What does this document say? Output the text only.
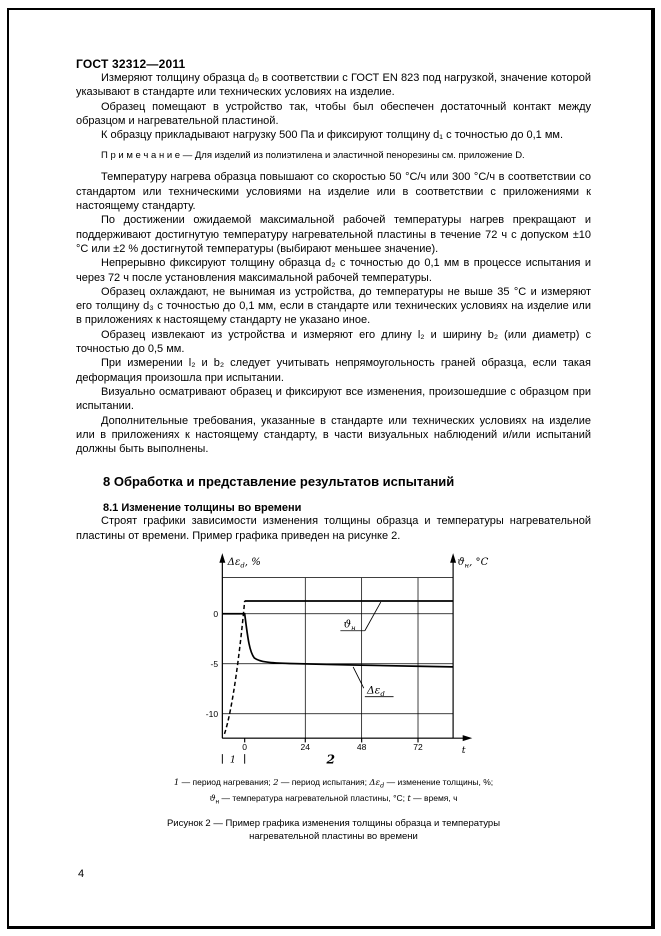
ГОСТ 32312—2011

Измеряют толщину образца d₀ в соответствии с ГОСТ EN 823 под нагрузкой, значение которой указывают в стандарте или технических условиях на изделие.

Образец помещают в устройство так, чтобы был обеспечен достаточный контакт между образцом и нагревательной пластиной.

К образцу прикладывают нагрузку 500 Па и фиксируют толщину d₁ с точностью до 0,1 мм.

П р и м е ч а н и е — Для изделий из полиэтилена и эластичной пенорезины см. приложение D.

Температуру нагрева образца повышают со скоростью 50 °С/ч или 300 °С/ч в соответствии со стандартом или техническими условиями на изделие или в соответствии с приложениями к настоящему стандарту.

По достижении ожидаемой максимальной рабочей температуры нагрев прекращают и поддерживают достигнутую температуру нагревательной пластины в течение 72 ч с допуском ±10 °С или ±2 % достигнутой температуры (выбирают меньшее значение).

Непрерывно фиксируют толщину образца d₂ с точностью до 0,1 мм в процессе испытания и через 72 ч после установления максимальной рабочей температуры.

Образец охлаждают, не вынимая из устройства, до температуры не выше 35 °С и измеряют его толщину d₃ с точностью до 0,1 мм, если в стандарте или технических условиях на изделие или в приложениях к настоящему стандарту не указано иное.

Образец извлекают из устройства и измеряют его длину l₂ и ширину b₂ (или диаметр) с точностью до 0,5 мм.

При измерении l₂ и b₂ следует учитывать непрямоугольность граней образца, если такая деформация произошла при испытании.

Визуально осматривают образец и фиксируют все изменения, произошедшие с образцом при испытании.

Дополнительные требования, указанные в стандарте или технических условиях на изделие или в приложениях к настоящему стандарту, в части визуальных наблюдений и/или испытаний должны быть выполнены.

8 Обработка и представление результатов испытаний
8.1 Изменение толщины во времени

Строят графики зависимости изменения толщины образца и температуры нагревательной пластины от времени. Пример графика приведен на рисунке 2.

$ϑ_н$
$\Delta\varepsilon_d$
$\Delta\varepsilon_d$, %	$ϑ_н$, °С
0
-5
-10
0	24	48	72	t
1	2
1 — период нагревания; 2 — период испытания; $\Delta\varepsilon_d$ — изменение толщины, %;
$ϑ_н$ — температура нагревательной пластины, °С; t — время, ч
Рисунок 2 — Пример графика изменения толщины образца и температуры
нагревательной пластины во времени
4
